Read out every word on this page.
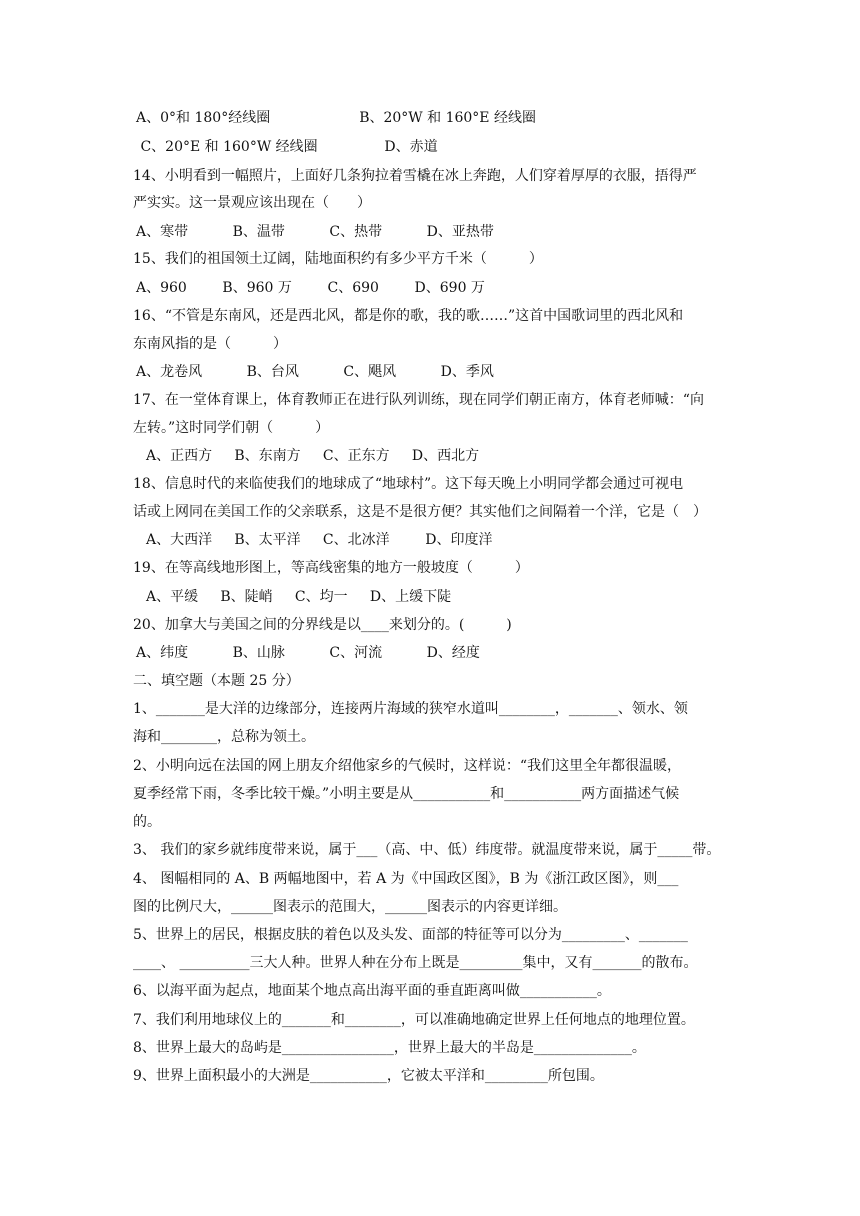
A、0°和 180°经线圈                    B、20°W 和 160°E 经线圈
C、20°E 和 160°W 经线圈               D、赤道
14、小明看到一幅照片，上面好几条狗拉着雪橇在冰上奔跑，人们穿着厚厚的衣服，捂得严
严实实。这一景观应该出现在（　　）
A、寒带          B、温带          C、热带          D、亚热带
15、我们的祖国领土辽阔，陆地面积约有多少平方千米（　　　）
A、960        B、960 万        C、690        D、690 万
16、“不管是东南风，还是西北风，都是你的歌，我的歌……”这首中国歌词里的西北风和
东南风指的是（　　　）
A、龙卷风          B、台风          C、飓风          D、季风
17、在一堂体育课上，体育教师正在进行队列训练，现在同学们朝正南方，体育老师喊：“向
左转。”这时同学们朝（　　　）
A、正西方     B、东南方     C、正东方     D、西北方
18、信息时代的来临使我们的地球成了“地球村”。这下每天晚上小明同学都会通过可视电
话或上网同在美国工作的父亲联系，这是不是很方便？其实他们之间隔着一个洋，它是（　）
A、大西洋     B、太平洋     C、北冰洋        D、印度洋
19、在等高线地形图上，等高线密集的地方一般坡度（　　　）
A、平缓     B、陡峭     C、均一     D、上缓下陡
20、加拿大与美国之间的分界线是以____来划分的。(　　　)
A、纬度          B、山脉          C、河流          D、经度
二、填空题（本题 25 分）
1、_______是大洋的边缘部分，连接两片海域的狭窄水道叫________，_______、领水、领
海和________，总称为领土。
2、小明向远在法国的网上朋友介绍他家乡的气候时，这样说：“我们这里全年都很温暖，
夏季经常下雨，冬季比较干燥。”小明主要是从___________和___________两方面描述气候
的。
3、 我们的家乡就纬度带来说，属于___（高、中、低）纬度带。就温度带来说，属于_____带。
4、 图幅相同的 A、B 两幅地图中，若 A 为《中国政区图》，B 为《浙江政区图》，则___
图的比例尺大，______图表示的范围大，______图表示的内容更详细。
5、世界上的居民，根据皮肤的着色以及头发、面部的特征等可以分为_________、_______
____、 __________三大人种。世界人种在分布上既是_________集中，又有_______的散布。
6、以海平面为起点，地面某个地点高出海平面的垂直距离叫做___________。
7、我们利用地球仪上的_______和________，可以准确地确定世界上任何地点的地理位置。
8、世界上最大的岛屿是________________，世界上最大的半岛是______________。
9、世界上面积最小的大洲是___________，它被太平洋和_________所包围。
